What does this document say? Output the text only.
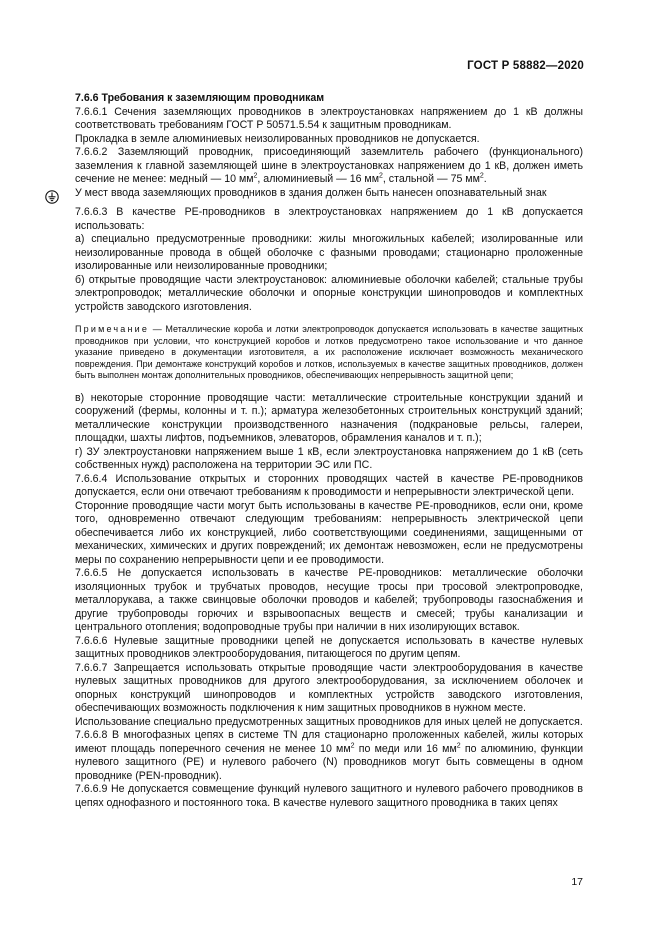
ГОСТ Р 58882—2020

7.6.6 Требования к заземляющим проводникам

7.6.6.1 Сечения заземляющих проводников в электроустановках напряжением до 1 кВ должны соответствовать требованиям ГОСТ Р 50571.5.54 к защитным проводникам.

Прокладка в земле алюминиевых неизолированных проводников не допускается.

7.6.6.2 Заземляющий проводник, присоединяющий заземлитель рабочего (функционального) заземления к главной заземляющей шине в электроустановках напряжением до 1 кВ, должен иметь сечение не менее: медный — 10 $мм^2$, алюминиевый — 16 $мм^2$, стальной — 75 $мм^2$.

У мест ввода заземляющих проводников в здания должен быть нанесен опознавательный знак

7.6.6.3 В качестве PE-проводников в электроустановках напряжением до 1 кВ допускается использовать:

а) специально предусмотренные проводники: жилы многожильных кабелей; изолированные или неизолированные провода в общей оболочке с фазными проводами; стационарно проложенные изолированные или неизолированные проводники;

б) открытые проводящие части электроустановок: алюминиевые оболочки кабелей; стальные трубы электропроводок; металлические оболочки и опорные конструкции шинопроводов и комплектных устройств заводского изготовления.

Примечание — Металлические короба и лотки электропроводок допускается использовать в качестве защитных проводников при условии, что конструкцией коробов и лотков предусмотрено такое использование и что данное указание приведено в документации изготовителя, а их расположение исключает возможность механического повреждения. При демонтаже конструкций коробов и лотков, используемых в качестве защитных проводников, должен быть выполнен монтаж дополнительных проводников, обеспечивающих непрерывность защитной цепи;

в) некоторые сторонние проводящие части: металлические строительные конструкции зданий и сооружений (фермы, колонны и т. п.); арматура железобетонных строительных конструкций зданий; металлические конструкции производственного назначения (подкрановые рельсы, галереи, площадки, шахты лифтов, подъемников, элеваторов, обрамления каналов и т. п.);

г) ЗУ электроустановки напряжением выше 1 кВ, если электроустановка напряжением до 1 кВ (сеть собственных нужд) расположена на территории ЭС или ПС.

7.6.6.4 Использование открытых и сторонних проводящих частей в качестве PE-проводников допускается, если они отвечают требованиям к проводимости и непрерывности электрической цепи.

Сторонние проводящие части могут быть использованы в качестве PE-проводников, если они, кроме того, одновременно отвечают следующим требованиям: непрерывность электрической цепи обеспечивается либо их конструкцией, либо соответствующими соединениями, защищенными от механических, химических и других повреждений; их демонтаж невозможен, если не предусмотрены меры по сохранению непрерывности цепи и ее проводимости.

7.6.6.5 Не допускается использовать в качестве PE-проводников: металлические оболочки изоляционных трубок и трубчатых проводов, несущие тросы при тросовой электропроводке, металлорукава, а также свинцовые оболочки проводов и кабелей; трубопроводы газоснабжения и другие трубопроводы горючих и взрывоопасных веществ и смесей; трубы канализации и центрального отопления; водопроводные трубы при наличии в них изолирующих вставок.

7.6.6.6 Нулевые защитные проводники цепей не допускается использовать в качестве нулевых защитных проводников электрооборудования, питающегося по другим цепям.

7.6.6.7 Запрещается использовать открытые проводящие части электрооборудования в качестве нулевых защитных проводников для другого электрооборудования, за исключением оболочек и опорных конструкций шинопроводов и комплектных устройств заводского изготовления, обеспечивающих возможность подключения к ним защитных проводников в нужном месте.

Использование специально предусмотренных защитных проводников для иных целей не допускается.

7.6.6.8 В многофазных цепях в системе TN для стационарно проложенных кабелей, жилы которых имеют площадь поперечного сечения не менее 10 $мм^2$ по меди или 16 $мм^2$ по алюминию, функции нулевого защитного (PE) и нулевого рабочего (N) проводников могут быть совмещены в одном проводнике (PEN-проводник).

7.6.6.9 Не допускается совмещение функций нулевого защитного и нулевого рабочего проводников в цепях однофазного и постоянного тока. В качестве нулевого защитного проводника в таких цепях

17
